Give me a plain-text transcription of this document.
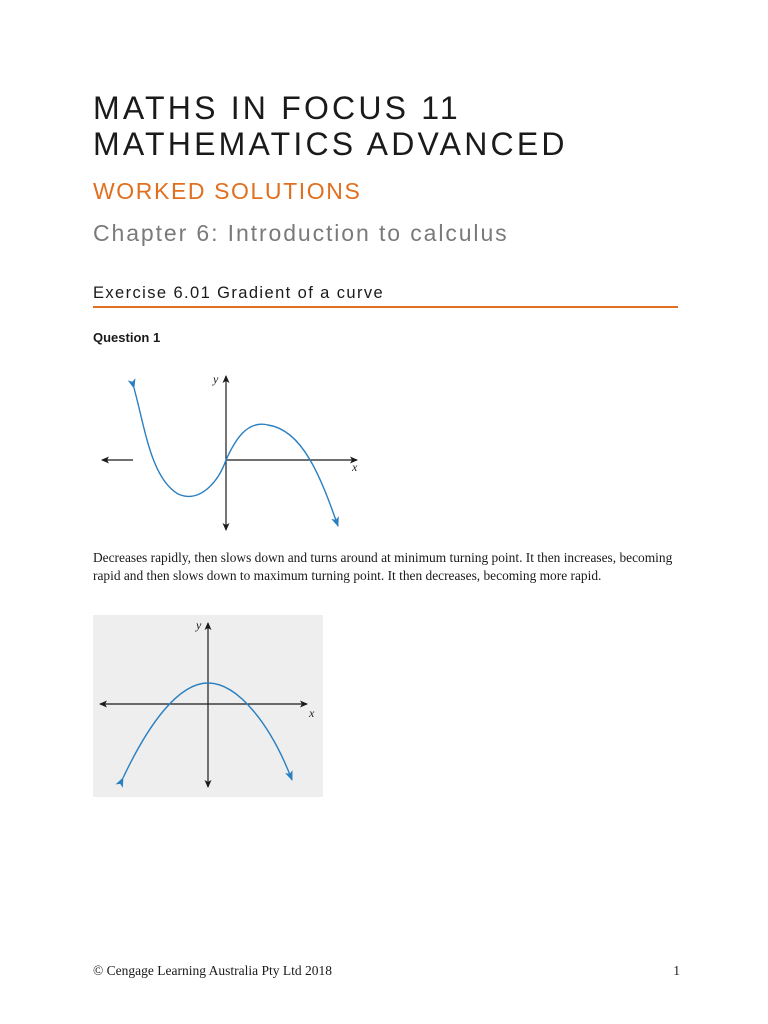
MATHS IN FOCUS 11
MATHEMATICS ADVANCED
WORKED SOLUTIONS
Chapter 6: Introduction to calculus
Exercise 6.01 Gradient of a curve
Question 1
y
x

Decreases rapidly, then slows down and turns around at minimum turning point. It then increases, becoming rapid and then slows down to maximum turning point. It then decreases, becoming more rapid.

y
x
© Cengage Learning Australia Pty Ltd 2018	1
